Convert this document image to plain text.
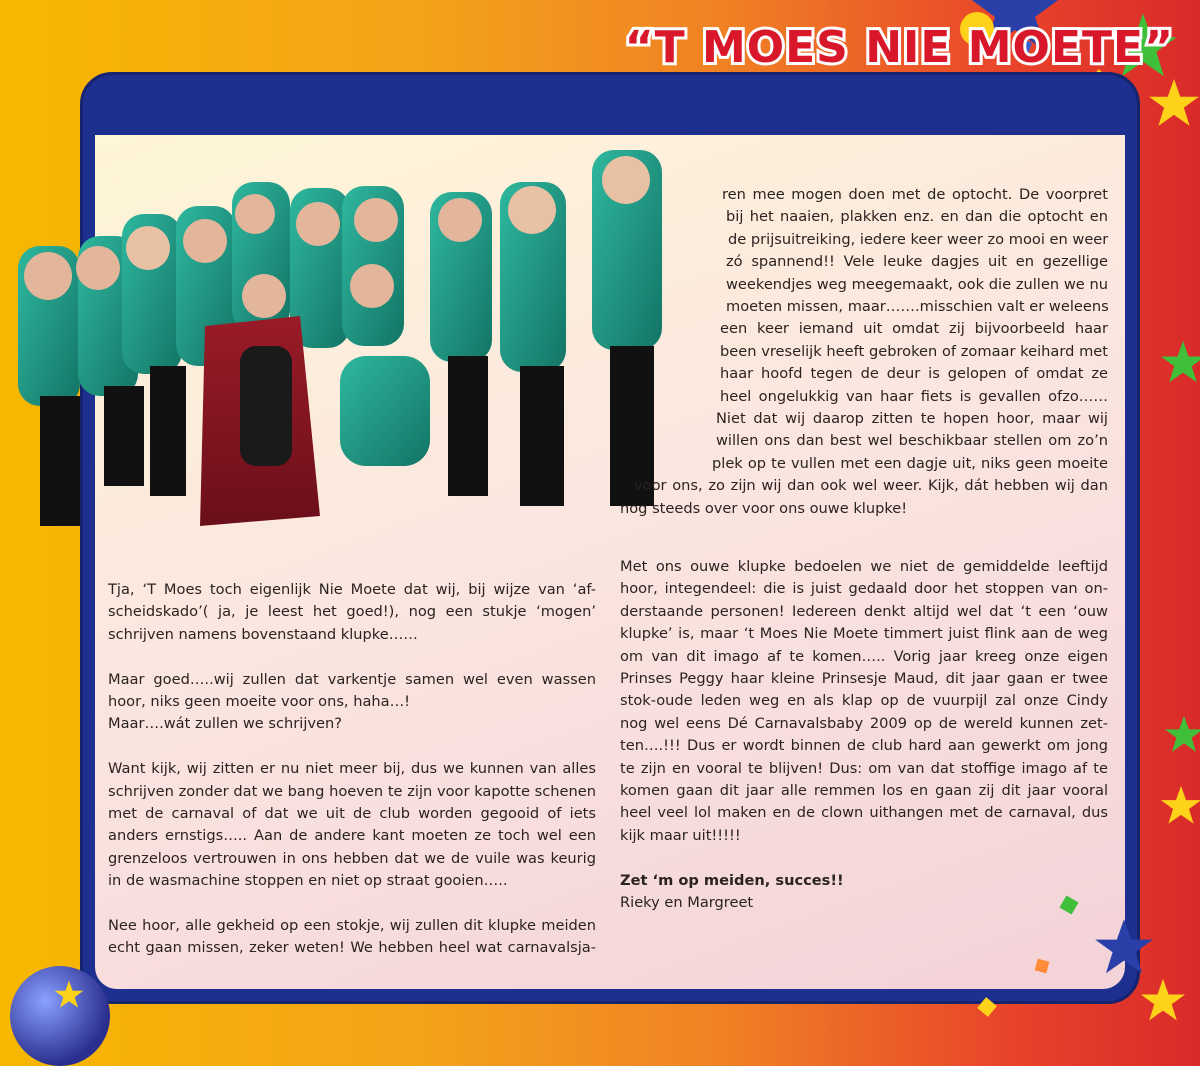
“T MOES NIE MOETE”

Tja, ‘T Moes toch eigenlijk Nie Moete dat wij, bij wijze van ‘af-
scheidskado’( ja, je leest het goed!), nog een stukje ‘mogen’
schrijven namens bovenstaand klupke……

Maar goed…..wij zullen dat varkentje samen wel even wassen
hoor, niks geen moeite voor ons, haha…!
Maar….wát zullen we schrijven?

Want kijk, wij zitten er nu niet meer bij, dus we kunnen van alles
schrijven zonder dat we bang hoeven te zijn voor kapotte schenen
met de carnaval of dat we uit de club worden gegooid of iets
anders ernstigs….. Aan de andere kant moeten ze toch wel een
grenzeloos vertrouwen in ons hebben dat we de vuile was keurig
in de wasmachine stoppen en niet op straat gooien…..

Nee hoor, alle gekheid op een stokje, wij zullen dit klupke meiden
echt gaan missen, zeker weten! We hebben heel wat carnavalsja-

ren mee mogen doen met de optocht. De voorpret
bij het naaien, plakken enz. en dan die optocht en
de prijsuitreiking, iedere keer weer zo mooi en weer
zó spannend!! Vele leuke dagjes uit en gezellige
weekendjes weg meegemaakt, ook die zullen we nu
moeten missen, maar…….misschien valt er weleens
een keer iemand uit omdat zij bijvoorbeeld haar
been vreselijk heeft gebroken of zomaar keihard met
haar hoofd tegen de deur is gelopen of omdat ze
heel ongelukkig van haar fiets is gevallen ofzo……
Niet dat wij daarop zitten te hopen hoor, maar wij
willen ons dan best wel beschikbaar stellen om zo’n
plek op te vullen met een dagje uit, niks geen moeite
voor ons, zo zijn wij dan ook wel weer. Kijk, dát hebben wij dan
nog steeds over voor ons ouwe klupke!

Met ons ouwe klupke bedoelen we niet de gemiddelde leeftijd
hoor, integendeel: die is juist gedaald door het stoppen van on-
derstaande personen! Iedereen denkt altijd wel dat ‘t een ‘ouw
klupke’ is, maar ‘t Moes Nie Moete timmert juist flink aan de weg
om van dit imago af te komen….. Vorig jaar kreeg onze eigen
Prinses Peggy haar kleine Prinsesje Maud, dit jaar gaan er twee
stok-oude leden weg en als klap op de vuurpijl zal onze Cindy
nog wel eens Dé Carnavalsbaby 2009 op de wereld kunnen zet-
ten….!!! Dus er wordt binnen de club hard aan gewerkt om jong
te zijn en vooral te blijven! Dus: om van dat stoffige imago af te
komen gaan dit jaar alle remmen los en gaan zij dit jaar vooral
heel veel lol maken en de clown uithangen met de carnaval, dus
kijk maar uit!!!!!

Zet ‘m op meiden, succes!!
Rieky en Margreet
